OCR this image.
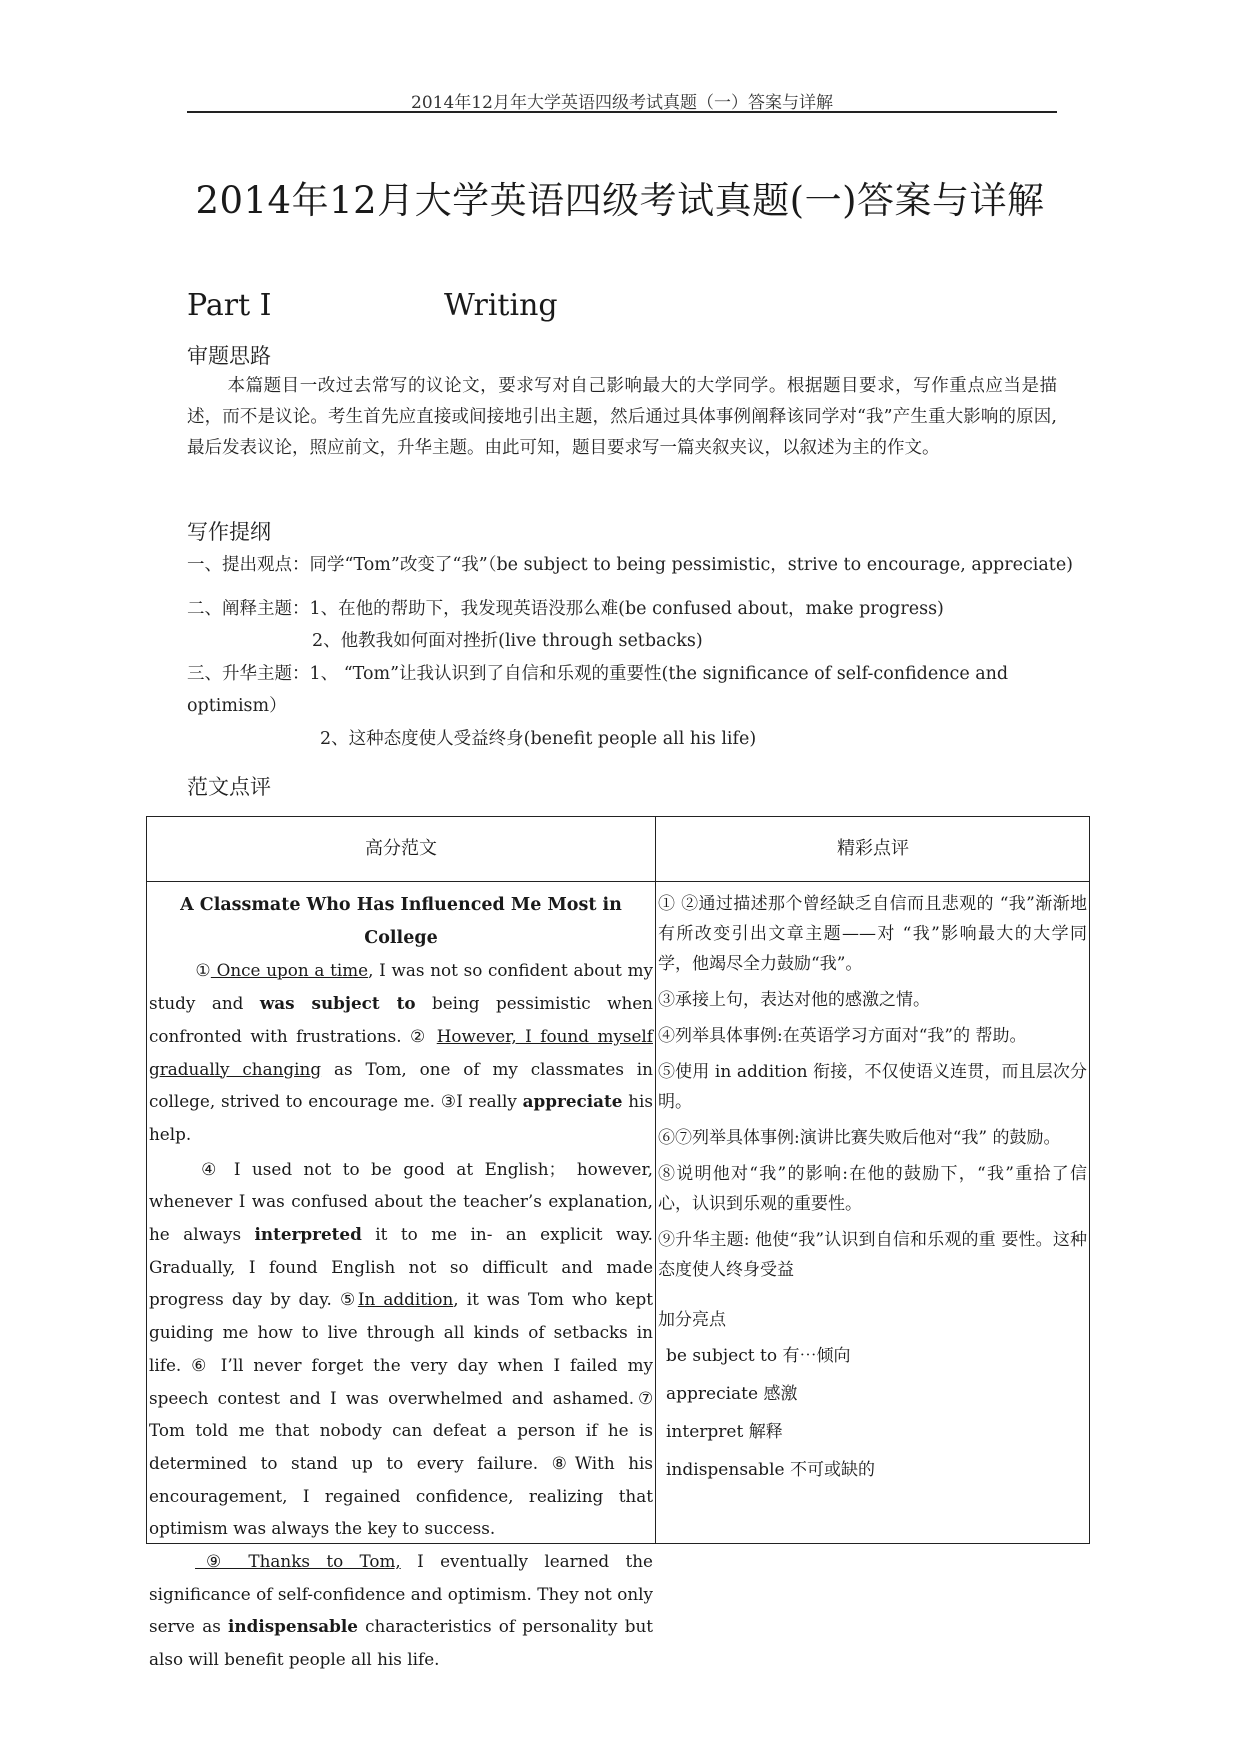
2014年12月年大学英语四级考试真题（一）答案与详解
2014年12月大学英语四级考试真题(一)答案与详解
Part I	Writing
审题思路
本篇题目一改过去常写的议论文，要求写对自己影响最大的大学同学。根据题目要求，写作重点应当是描述，而不是议论。考生首先应直接或间接地引出主题，然后通过具体事例阐释该同学对“我”产生重大影响的原因,最后发表议论，照应前文，升华主题。由此可知，题目要求写一篇夹叙夹议，以叙述为主的作文。
写作提纲
一、提出观点：同学“Tom”改变了“我”（be subject to being pessimistic，strive to encourage, appreciate)
二、阐释主题：1、在他的帮助下，我发现英语没那么难(be confused about，make progress)
2、他教我如何面对挫折(live through setbacks)
三、升华主题：1、 “Tom”让我认识到了自信和乐观的重要性(the significance of self-confidence and
optimism）
2、这种态度使人受益终身(benefit people all his life)
范文点评
高分范文	精彩点评

A Classmate Who Has Influenced Me Most in College

① Once upon a time, I was not so confident about my study and was subject to being pessimistic when confronted with frustrations. ② However, I found myself gradually changing as Tom, one of my classmates in college, strived to encourage me. ③I really appreciate his help.

④ I used not to be good at English； however, whenever I was confused about the teacher’s explanation, he always interpreted it to me in- an explicit way. Gradually, I found English not so difficult and made progress day by day. ⑤In addition, it was Tom who kept guiding me how to live through all kinds of setbacks in life. ⑥ I’ll never forget the very day when I failed my speech contest and I was overwhelmed and ashamed.⑦ Tom told me that nobody can defeat a person if he is determined to stand up to every failure. ⑧With his encouragement, I regained confidence, realizing that optimism was always the key to success.

⑨ Thanks to Tom, I eventually learned the significance of self-confidence and optimism. They not only serve as indispensable characteristics of personality but also will benefit people all his life.

① ②通过描述那个曾经缺乏自信而且悲观的 “我”渐渐地有所改变引出文章主题——对 “我”影响最大的大学同学，他竭尽全力鼓励“我”。

③承接上句，表达对他的感激之情。

④列举具体事例:在英语学习方面对“我”的 帮助。

⑤使用 in addition 衔接，不仅使语义连贯，而且层次分明。

⑥⑦列举具体事例:演讲比赛失败后他对“我” 的鼓励。

⑧说明他对“我”的影响:在他的鼓励下，“我”重拾了信心，认识到乐观的重要性。

⑨升华主题: 他使“我”认识到自信和乐观的重 要性。这种态度使人终身受益

加分亮点

be subject to 有⋯倾向

appreciate 感激

interpret 解释

indispensable 不可或缺的
